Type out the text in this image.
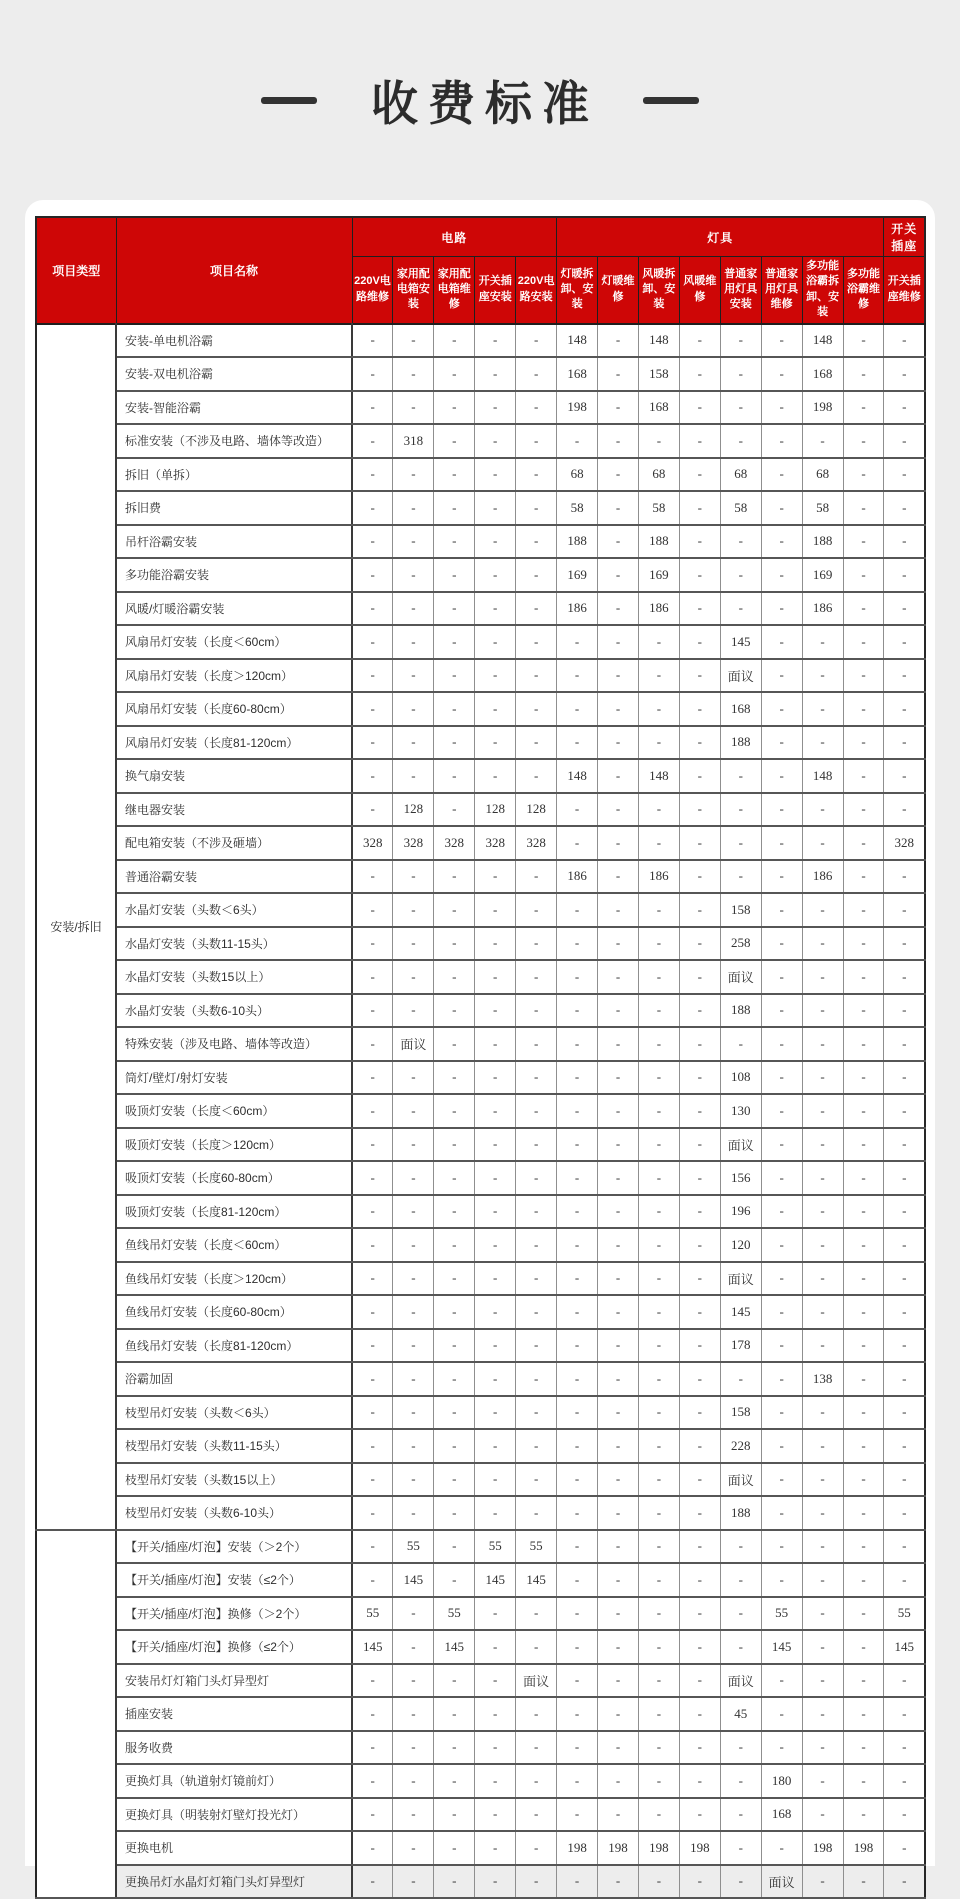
收费标准
项目类型	项目名称	电路					灯具								开关插座
		220V电路维修	家用配电箱安装	家用配电箱维修	开关插座安装	220V电路安装	灯暖拆卸、安装	灯暖维修	风暖拆卸、安装	风暖维修	普通家用灯具安装	普通家用灯具维修	多功能浴霸拆卸、安装	多功能浴霸维修	开关插座维修
安装/拆旧	安装-单电机浴霸	-	-	-	-	-	148	-	148	-	-	-	148	-	-
	安装-双电机浴霸	-	-	-	-	-	168	-	158	-	-	-	168	-	-
	安装-智能浴霸	-	-	-	-	-	198	-	168	-	-	-	198	-	-
	标准安装（不涉及电路、墙体等改造）	-	318	-	-	-	-	-	-	-	-	-	-	-	-
	拆旧（单拆）	-	-	-	-	-	68	-	68	-	68	-	68	-	-
	拆旧费	-	-	-	-	-	58	-	58	-	58	-	58	-	-
	吊杆浴霸安装	-	-	-	-	-	188	-	188	-	-	-	188	-	-
	多功能浴霸安装	-	-	-	-	-	169	-	169	-	-	-	169	-	-
	风暖/灯暖浴霸安装	-	-	-	-	-	186	-	186	-	-	-	186	-	-
	风扇吊灯安装（长度＜60cm）	-	-	-	-	-	-	-	-	-	145	-	-	-	-
	风扇吊灯安装（长度＞120cm）	-	-	-	-	-	-	-	-	-	面议	-	-	-	-
	风扇吊灯安装（长度60-80cm）	-	-	-	-	-	-	-	-	-	168	-	-	-	-
	风扇吊灯安装（长度81-120cm）	-	-	-	-	-	-	-	-	-	188	-	-	-	-
	换气扇安装	-	-	-	-	-	148	-	148	-	-	-	148	-	-
	继电器安装	-	128	-	128	128	-	-	-	-	-	-	-	-	-
	配电箱安装（不涉及砸墙）	328	328	328	328	328	-	-	-	-	-	-	-	-	328
	普通浴霸安装	-	-	-	-	-	186	-	186	-	-	-	186	-	-
	水晶灯安装（头数＜6头）	-	-	-	-	-	-	-	-	-	158	-	-	-	-
	水晶灯安装（头数11-15头）	-	-	-	-	-	-	-	-	-	258	-	-	-	-
	水晶灯安装（头数15以上）	-	-	-	-	-	-	-	-	-	面议	-	-	-	-
	水晶灯安装（头数6-10头）	-	-	-	-	-	-	-	-	-	188	-	-	-	-
	特殊安装（涉及电路、墙体等改造）	-	面议	-	-	-	-	-	-	-	-	-	-	-	-
	筒灯/壁灯/射灯安装	-	-	-	-	-	-	-	-	-	108	-	-	-	-
	吸顶灯安装（长度＜60cm）	-	-	-	-	-	-	-	-	-	130	-	-	-	-
	吸顶灯安装（长度＞120cm）	-	-	-	-	-	-	-	-	-	面议	-	-	-	-
	吸顶灯安装（长度60-80cm）	-	-	-	-	-	-	-	-	-	156	-	-	-	-
	吸顶灯安装（长度81-120cm）	-	-	-	-	-	-	-	-	-	196	-	-	-	-
	鱼线吊灯安装（长度＜60cm）	-	-	-	-	-	-	-	-	-	120	-	-	-	-
	鱼线吊灯安装（长度＞120cm）	-	-	-	-	-	-	-	-	-	面议	-	-	-	-
	鱼线吊灯安装（长度60-80cm）	-	-	-	-	-	-	-	-	-	145	-	-	-	-
	鱼线吊灯安装（长度81-120cm）	-	-	-	-	-	-	-	-	-	178	-	-	-	-
	浴霸加固	-	-	-	-	-	-	-	-	-	-	-	138	-	-
	枝型吊灯安装（头数＜6头）	-	-	-	-	-	-	-	-	-	158	-	-	-	-
	枝型吊灯安装（头数11-15头）	-	-	-	-	-	-	-	-	-	228	-	-	-	-
	枝型吊灯安装（头数15以上）	-	-	-	-	-	-	-	-	-	面议	-	-	-	-
	枝型吊灯安装（头数6-10头）	-	-	-	-	-	-	-	-	-	188	-	-	-	-
	【开关/插座/灯泡】安装（＞2个）	-	55	-	55	55	-	-	-	-	-	-	-	-	-
	【开关/插座/灯泡】安装（≤2个）	-	145	-	145	145	-	-	-	-	-	-	-	-	-
	【开关/插座/灯泡】换修（＞2个）	55	-	55	-	-	-	-	-	-	-	55	-	-	55
	【开关/插座/灯泡】换修（≤2个）	145	-	145	-	-	-	-	-	-	-	145	-	-	145
	安装吊灯灯箱门头灯异型灯	-	-	-	-	面议	-	-	-	-	面议	-	-	-	-
	插座安装	-	-	-	-	-	-	-	-	-	45	-	-	-	-
	服务收费	-	-	-	-	-	-	-	-	-	-	-	-	-	-
	更换灯具（轨道射灯镜前灯）	-	-	-	-	-	-	-	-	-	-	180	-	-	-
	更换灯具（明装射灯壁灯投光灯）	-	-	-	-	-	-	-	-	-	-	168	-	-	-
	更换电机	-	-	-	-	-	198	198	198	198	-	-	198	198	-
	更换吊灯水晶灯灯箱门头灯异型灯	-	-	-	-	-	-	-	-	-	-	面议	-	-	-
